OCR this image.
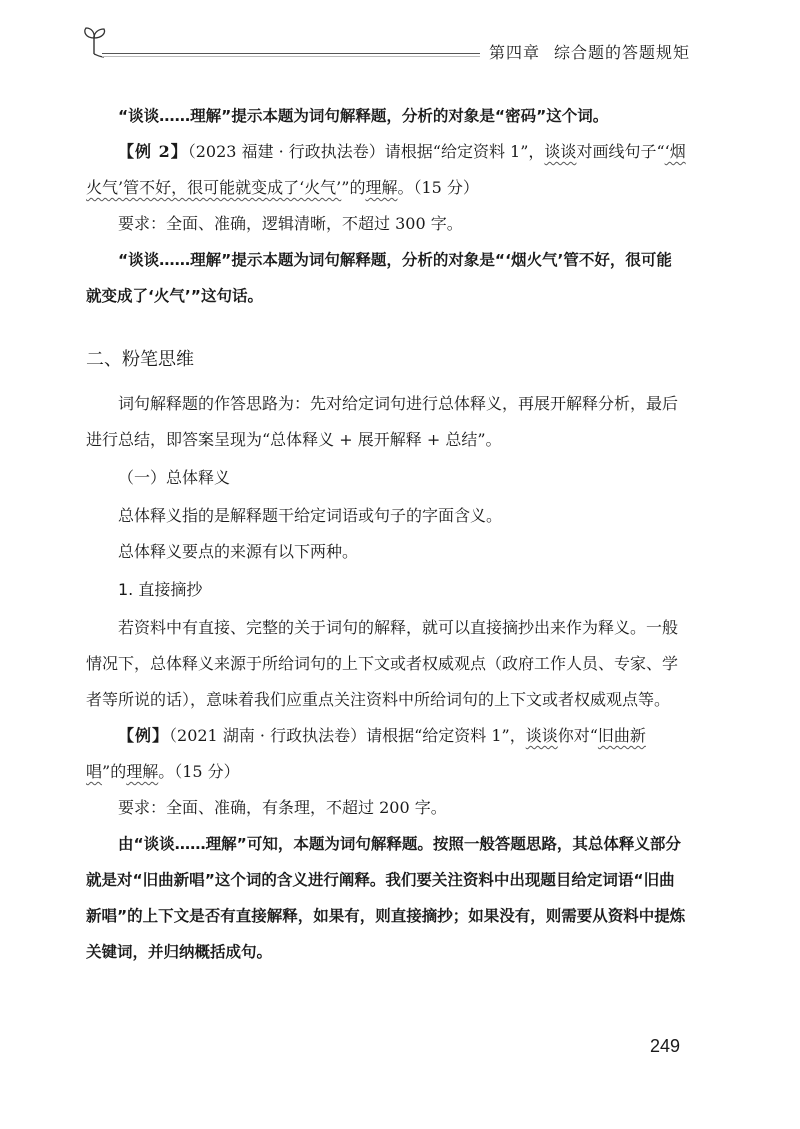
第四章 综合题的答题规矩

“谈谈……理解”提示本题为词句解释题，分析的对象是“密码”这个词。

【例 2】（2023 福建 · 行政执法卷）请根据“给定资料 1”，谈谈对画线句子“‘烟火气’管不好，很可能就变成了‘火气’”的理解。（15 分）

要求：全面、准确，逻辑清晰，不超过 300 字。

“谈谈……理解”提示本题为词句解释题，分析的对象是“‘烟火气’管不好，很可能就变成了‘火气’”这句话。

二、粉笔思维

词句解释题的作答思路为：先对给定词句进行总体释义，再展开解释分析，最后进行总结，即答案呈现为“总体释义 + 展开解释 + 总结”。

（一）总体释义

总体释义指的是解释题干给定词语或句子的字面含义。

总体释义要点的来源有以下两种。

1. 直接摘抄

若资料中有直接、完整的关于词句的解释，就可以直接摘抄出来作为释义。一般情况下，总体释义来源于所给词句的上下文或者权威观点（政府工作人员、专家、学者等所说的话），意味着我们应重点关注资料中所给词句的上下文或者权威观点等。

【例】（2021 湖南 · 行政执法卷）请根据“给定资料 1”，谈谈你对“旧曲新唱”的理解。（15 分）

要求：全面、准确，有条理，不超过 200 字。

由“谈谈……理解”可知，本题为词句解释题。按照一般答题思路，其总体释义部分就是对“旧曲新唱”这个词的含义进行阐释。我们要关注资料中出现题目给定词语“旧曲新唱”的上下文是否有直接解释，如果有，则直接摘抄；如果没有，则需要从资料中提炼关键词，并归纳概括成句。

249
